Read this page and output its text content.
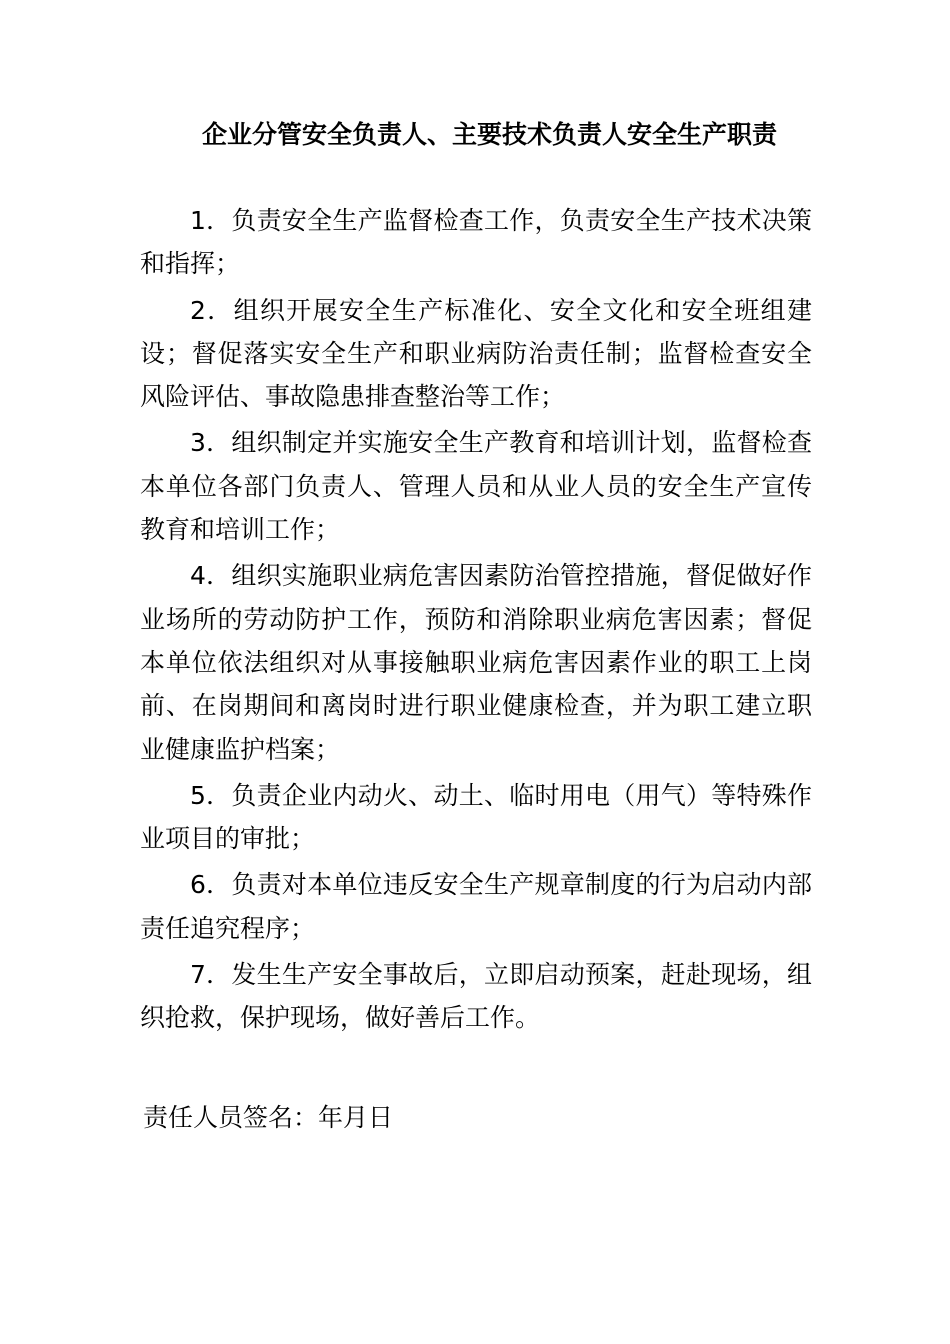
企业分管安全负责人、主要技术负责人安全生产职责

1．负责安全生产监督检查工作，负责安全生产技术决策和指挥；

2．组织开展安全生产标准化、安全文化和安全班组建设；督促落实安全生产和职业病防治责任制；监督检查安全风险评估、事故隐患排查整治等工作；

3．组织制定并实施安全生产教育和培训计划，监督检查本单位各部门负责人、管理人员和从业人员的安全生产宣传教育和培训工作；

4．组织实施职业病危害因素防治管控措施，督促做好作业场所的劳动防护工作，预防和消除职业病危害因素；督促本单位依法组织对从事接触职业病危害因素作业的职工上岗前、在岗期间和离岗时进行职业健康检查，并为职工建立职业健康监护档案；

5．负责企业内动火、动土、临时用电（用气）等特殊作业项目的审批；

6．负责对本单位违反安全生产规章制度的行为启动内部责任追究程序；

7．发生生产安全事故后，立即启动预案，赶赴现场，组织抢救，保护现场，做好善后工作。

责任人员签名：年月日
